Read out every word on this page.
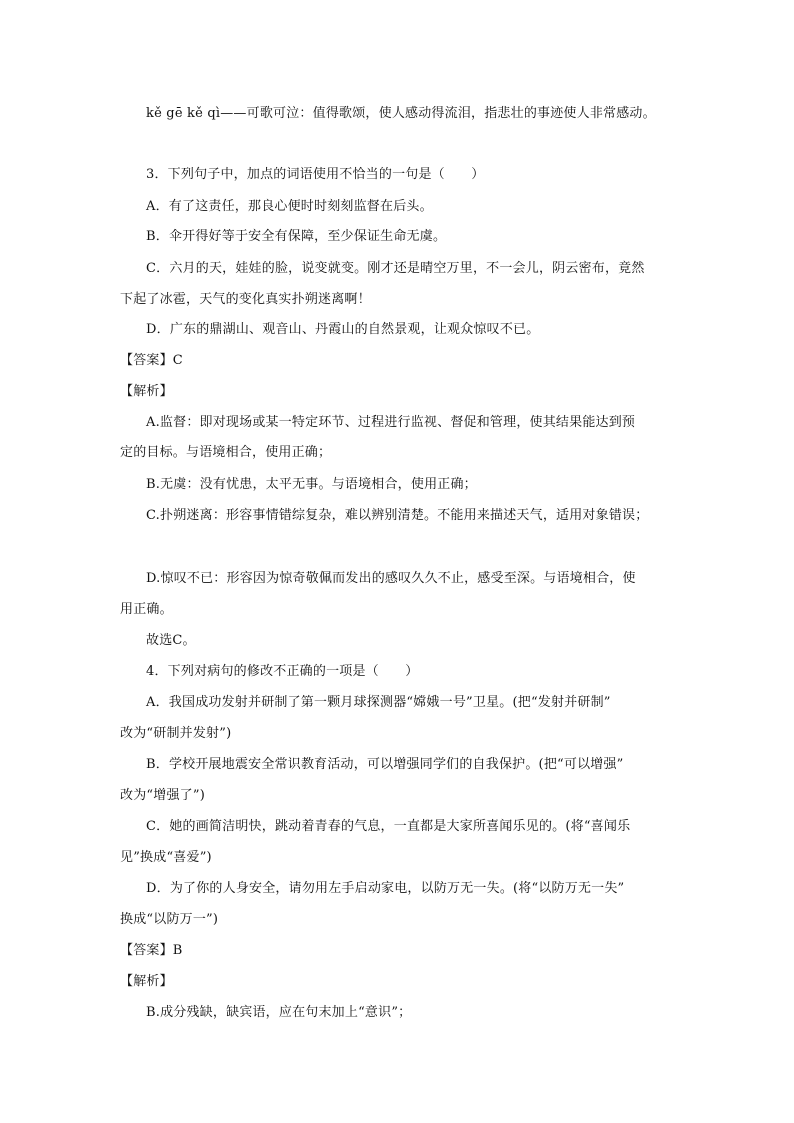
kě gē kě qì——可歌可泣：值得歌颂，使人感动得流泪，指悲壮的事迹使人非常感动。
3．下列句子中，加点的词语使用不恰当的一句是（　　）
A．有了这责任，那良心便时时刻刻监督在后头。
B．伞开得好等于安全有保障，至少保证生命无虞。
C．六月的天，娃娃的脸，说变就变。刚才还是晴空万里，不一会儿，阴云密布，竟然
下起了冰雹，天气的变化真实扑朔迷离啊！
D．广东的鼎湖山、观音山、丹霞山的自然景观，让观众惊叹不已。
【答案】C
【解析】
A.监督：即对现场或某一特定环节、过程进行监视、督促和管理，使其结果能达到预
定的目标。与语境相合，使用正确；
B.无虞：没有忧患，太平无事。与语境相合，使用正确；
C.扑朔迷离：形容事情错综复杂，难以辨别清楚。不能用来描述天气，适用对象错误；
D.惊叹不已：形容因为惊奇敬佩而发出的感叹久久不止，感受至深。与语境相合，使
用正确。
故选C。
4．下列对病句的修改不正确的一项是（　　）
A．我国成功发射并研制了第一颗月球探测器“嫦娥一号”卫星。(把“发射并研制”
改为“研制并发射”)
B．学校开展地震安全常识教育活动，可以增强同学们的自我保护。(把“可以增强”
改为“增强了”)
C．她的画简洁明快，跳动着青春的气息，一直都是大家所喜闻乐见的。(将“喜闻乐
见”换成“喜爱”)
D．为了你的人身安全，请勿用左手启动家电，以防万无一失。(将“以防万无一失”
换成“以防万一”)
【答案】B
【解析】
B.成分残缺，缺宾语，应在句末加上“意识”；
